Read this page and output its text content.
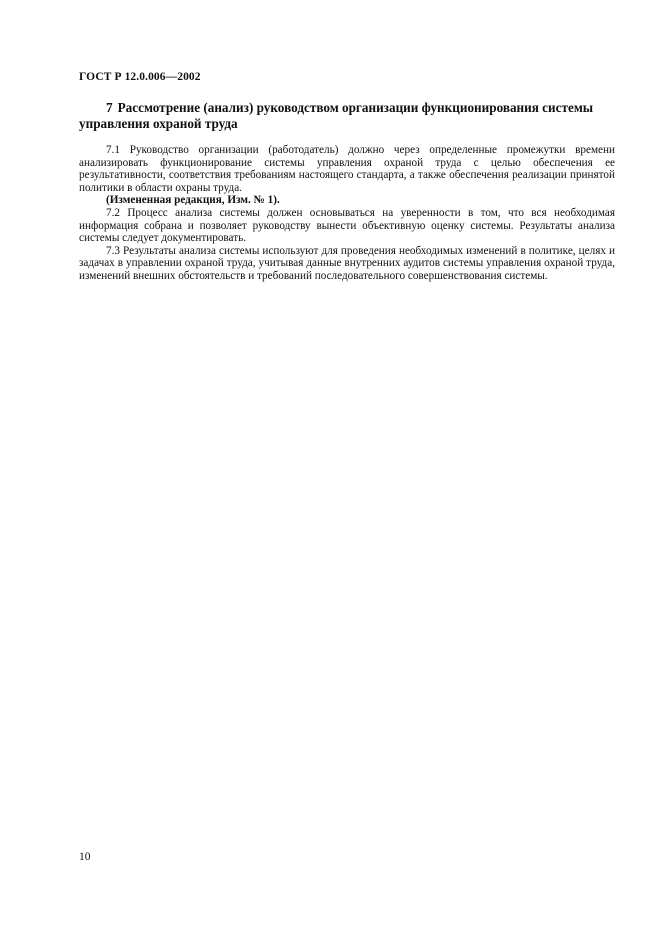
ГОСТ Р 12.0.006—2002
7 Рассмотрение (анализ) руководством организации функционирования системы
управления охраной труда

7.1 Руководство организации (работодатель) должно через определенные промежутки времени анализировать функционирование системы управления охраной труда с целью обеспечения ее результативности, соответствия требованиям настоящего стандарта, а также обеспечения реализации принятой политики в области охраны труда.

(Измененная редакция, Изм. № 1).

7.2 Процесс анализа системы должен основываться на уверенности в том, что вся необходимая информация собрана и позволяет руководству вынести объективную оценку системы. Результаты анализа системы следует документировать.

7.3 Результаты анализа системы используют для проведения необходимых изменений в политике, целях и задачах в управлении охраной труда, учитывая данные внутренних аудитов системы управления охраной труда, изменений внешних обстоятельств и требований последовательного совершенствования системы.

10
